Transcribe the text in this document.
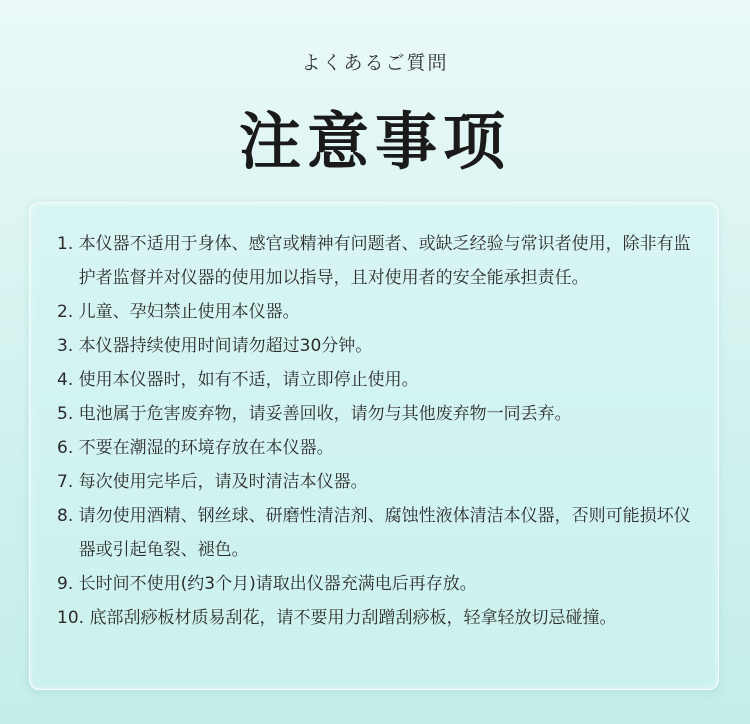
よくあるご質問
注意事项
1. 本仪器不适用于身体、感官或精神有问题者、或缺乏经验与常识者使用，除非有监护者监督并对仪器的使用加以指导，且对使用者的安全能承担责任。
2. 儿童、孕妇禁止使用本仪器。
3. 本仪器持续使用时间请勿超过30分钟。
4. 使用本仪器时，如有不适，请立即停止使用。
5. 电池属于危害废弃物，请妥善回收，请勿与其他废弃物一同丢弃。
6. 不要在潮湿的环境存放在本仪器。
7. 每次使用完毕后，请及时清洁本仪器。
8. 请勿使用酒精、钢丝球、研磨性清洁剂、腐蚀性液体清洁本仪器，否则可能损坏仪器或引起龟裂、褪色。
9. 长时间不使用(约3个月)请取出仪器充满电后再存放。
10. 底部刮痧板材质易刮花，请不要用力刮蹭刮痧板，轻拿轻放切忌碰撞。
